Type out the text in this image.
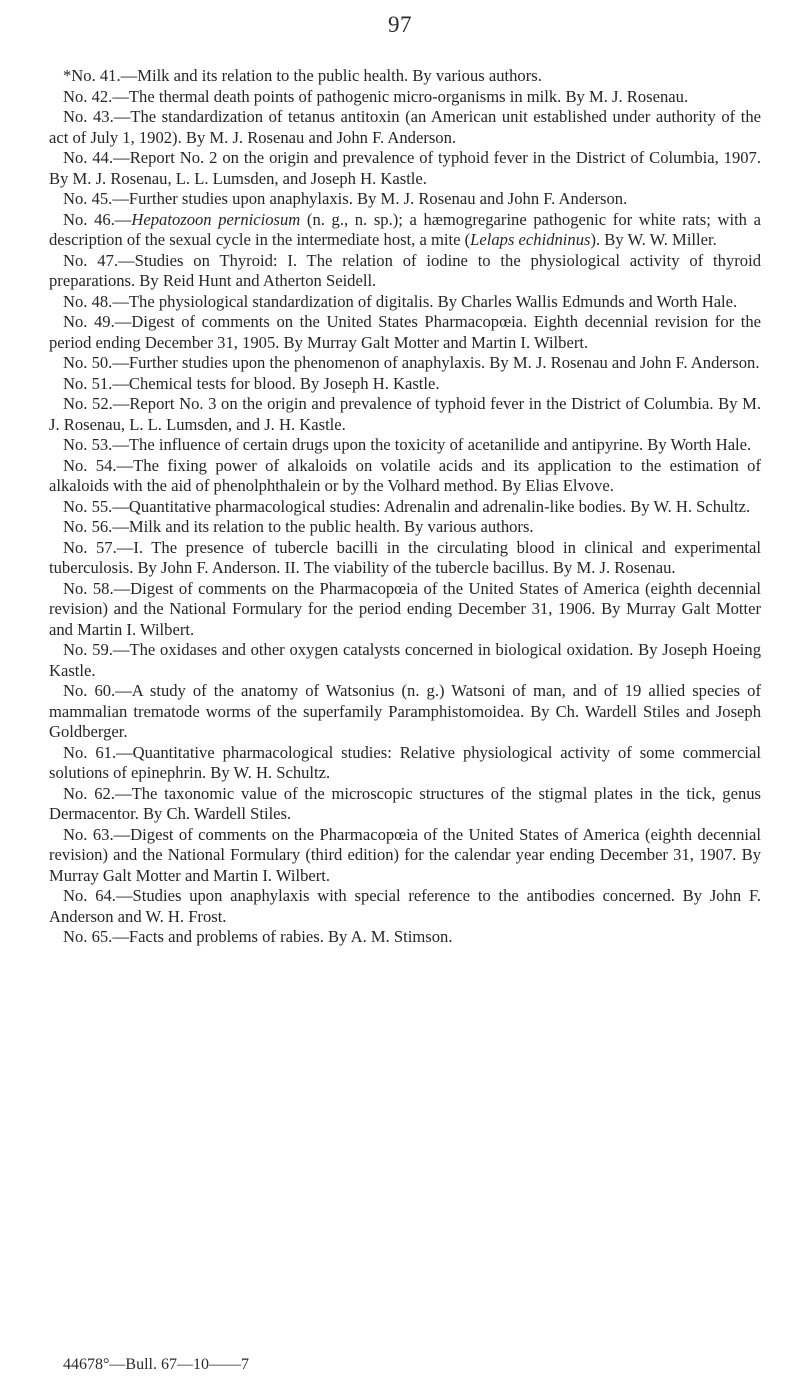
97

*No. 41.—Milk and its relation to the public health. By various authors.

No. 42.—The thermal death points of pathogenic micro-organisms in milk. By M. J. Rosenau.

No. 43.—The standardization of tetanus antitoxin (an American unit established under authority of the act of July 1, 1902). By M. J. Rosenau and John F. Anderson.

No. 44.—Report No. 2 on the origin and prevalence of typhoid fever in the District of Columbia, 1907. By M. J. Rosenau, L. L. Lumsden, and Joseph H. Kastle.

No. 45.—Further studies upon anaphylaxis. By M. J. Rosenau and John F. Anderson.

No. 46.—Hepatozoon perniciosum (n. g., n. sp.); a hæmogregarine pathogenic for white rats; with a description of the sexual cycle in the intermediate host, a mite (Lelaps echidninus). By W. W. Miller.

No. 47.—Studies on Thyroid: I. The relation of iodine to the physiological activity of thyroid preparations. By Reid Hunt and Atherton Seidell.

No. 48.—The physiological standardization of digitalis. By Charles Wallis Edmunds and Worth Hale.

No. 49.—Digest of comments on the United States Pharmacopœia. Eighth decennial revision for the period ending December 31, 1905. By Murray Galt Motter and Martin I. Wilbert.

No. 50.—Further studies upon the phenomenon of anaphylaxis. By M. J. Rosenau and John F. Anderson.

No. 51.—Chemical tests for blood. By Joseph H. Kastle.

No. 52.—Report No. 3 on the origin and prevalence of typhoid fever in the District of Columbia. By M. J. Rosenau, L. L. Lumsden, and J. H. Kastle.

No. 53.—The influence of certain drugs upon the toxicity of acetanilide and antipyrine. By Worth Hale.

No. 54.—The fixing power of alkaloids on volatile acids and its application to the estimation of alkaloids with the aid of phenolphthalein or by the Volhard method. By Elias Elvove.

No. 55.—Quantitative pharmacological studies: Adrenalin and adrenalin-like bodies. By W. H. Schultz.

No. 56.—Milk and its relation to the public health. By various authors.

No. 57.—I. The presence of tubercle bacilli in the circulating blood in clinical and experimental tuberculosis. By John F. Anderson. II. The viability of the tubercle bacillus. By M. J. Rosenau.

No. 58.—Digest of comments on the Pharmacopœia of the United States of America (eighth decennial revision) and the National Formulary for the period ending December 31, 1906. By Murray Galt Motter and Martin I. Wilbert.

No. 59.—The oxidases and other oxygen catalysts concerned in biological oxidation. By Joseph Hoeing Kastle.

No. 60.—A study of the anatomy of Watsonius (n. g.) Watsoni of man, and of 19 allied species of mammalian trematode worms of the superfamily Paramphistomoidea. By Ch. Wardell Stiles and Joseph Goldberger.

No. 61.—Quantitative pharmacological studies: Relative physiological activity of some commercial solutions of epinephrin. By W. H. Schultz.

No. 62.—The taxonomic value of the microscopic structures of the stigmal plates in the tick, genus Dermacentor. By Ch. Wardell Stiles.

No. 63.—Digest of comments on the Pharmacopœia of the United States of America (eighth decennial revision) and the National Formulary (third edition) for the calendar year ending December 31, 1907. By Murray Galt Motter and Martin I. Wilbert.

No. 64.—Studies upon anaphylaxis with special reference to the antibodies concerned. By John F. Anderson and W. H. Frost.

No. 65.—Facts and problems of rabies. By A. M. Stimson.

44678°—Bull. 67—10——7
